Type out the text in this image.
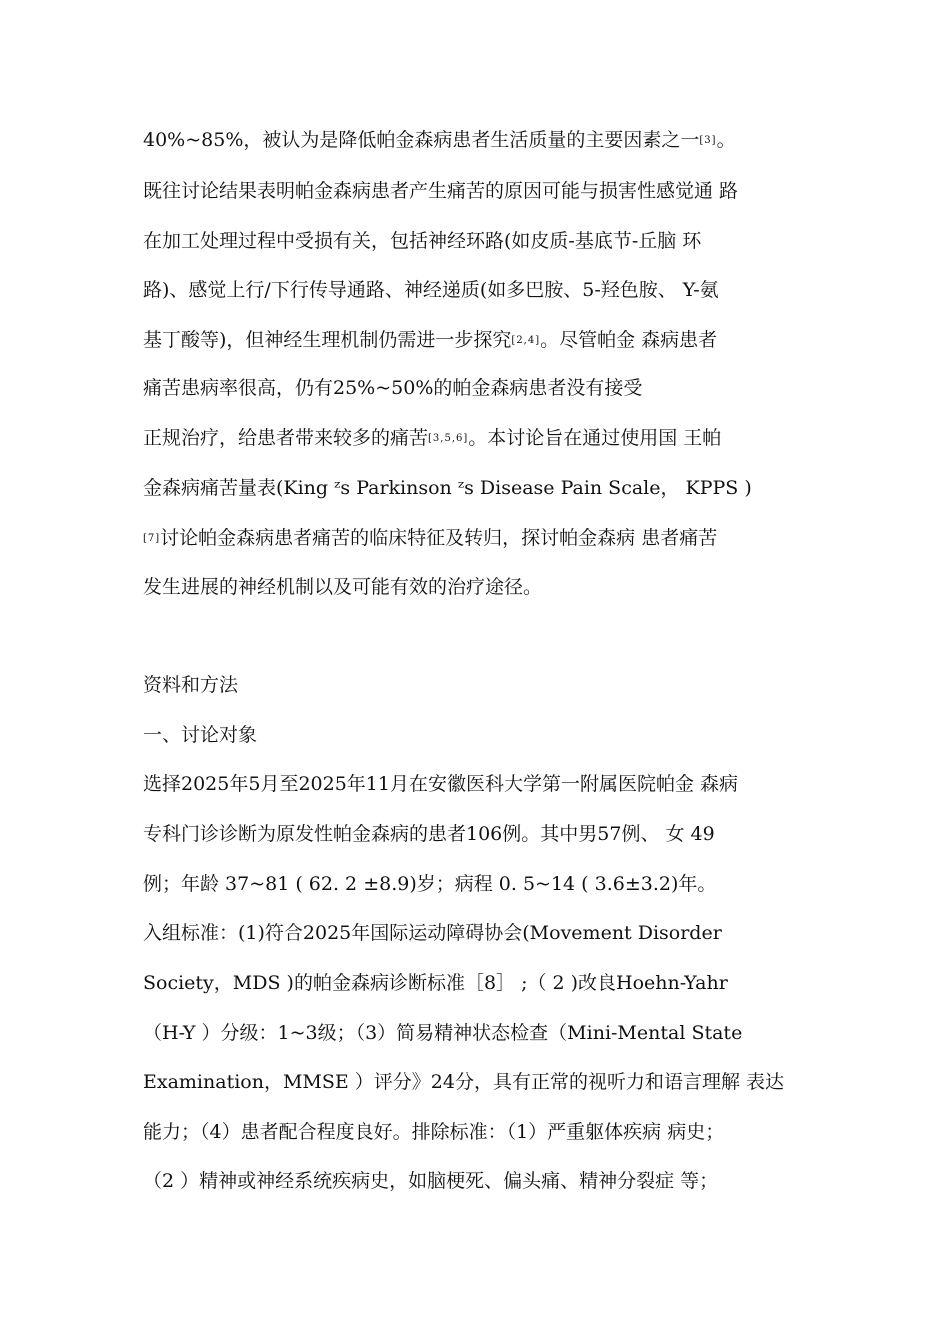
40%~85%，被认为是降低帕金森病患者生活质量的主要因素之一[3]。
既往讨论结果表明帕金森病患者产生痛苦的原因可能与损害性感觉通 路
在加工处理过程中受损有关，包括神经环路(如皮质-基底节-丘脑 环
路)、感觉上行/下行传导通路、神经递质(如多巴胺、5-羟色胺、 Y-氨
基丁酸等)，但神经生理机制仍需进一步探究[2,4]。尽管帕金 森病患者
痛苦患病率很高，仍有25%~50%的帕金森病患者没有接受
正规治疗，给患者带来较多的痛苦[3,5,6]。本讨论旨在通过使用国 王帕
金森病痛苦量表(King ᶻs Parkinson ᶻs Disease Pain Scale， KPPS )
[7]讨论帕金森病患者痛苦的临床特征及转归，探讨帕金森病 患者痛苦
发生进展的神经机制以及可能有效的治疗途径。
资料和方法
一、讨论对象
选择2025年5月至2025年11月在安徽医科大学第一附属医院帕金 森病
专科门诊诊断为原发性帕金森病的患者106例。其中男57例、 女 49
例；年龄 37~81 ( 62. 2 ±8.9)岁；病程 0. 5~14 ( 3.6±3.2)年。
入组标准：(1)符合2025年国际运动障碍协会(Movement Disorder
Society，MDS )的帕金森病诊断标准［8］ ;（ 2 )改良Hoehn-Yahr
（H-Y ）分级：1~3级；（3）简易精神状态检查（Mini-Mental State
Examination，MMSE ）评分》24分，具有正常的视听力和语言理解 表达
能力；（4）患者配合程度良好。排除标准：（1）严重躯体疾病 病史；
（2 ）精神或神经系统疾病史，如脑梗死、偏头痛、精神分裂症 等；
